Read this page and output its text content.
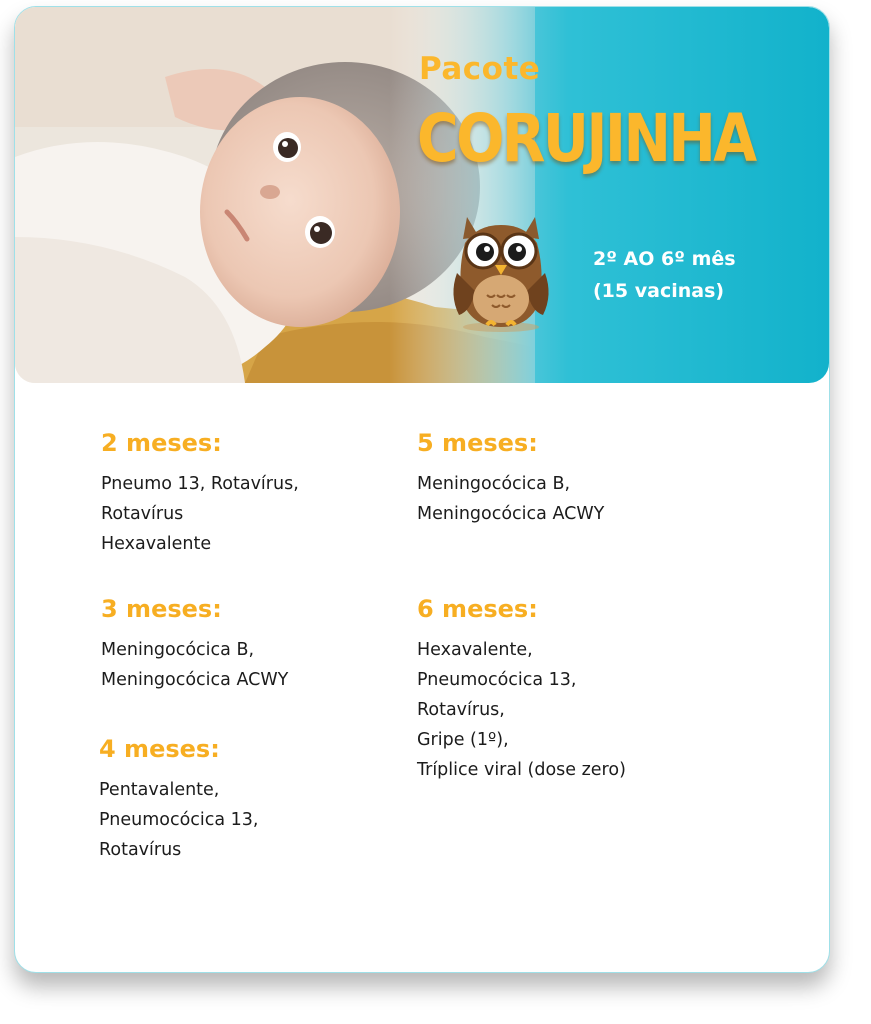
Pacote
CORUJINHA
2º AO 6º mês
(15 vacinas)
2 meses:
Pneumo 13, Rotavírus,
Rotavírus
Hexavalente
3 meses:
Meningocócica B,
Meningocócica ACWY
4 meses:
Pentavalente,
Pneumocócica 13,
Rotavírus
5 meses:
Meningocócica B,
Meningocócica ACWY
6 meses:
Hexavalente,
Pneumocócica 13,
Rotavírus,
Gripe (1º),
Tríplice viral (dose zero)
